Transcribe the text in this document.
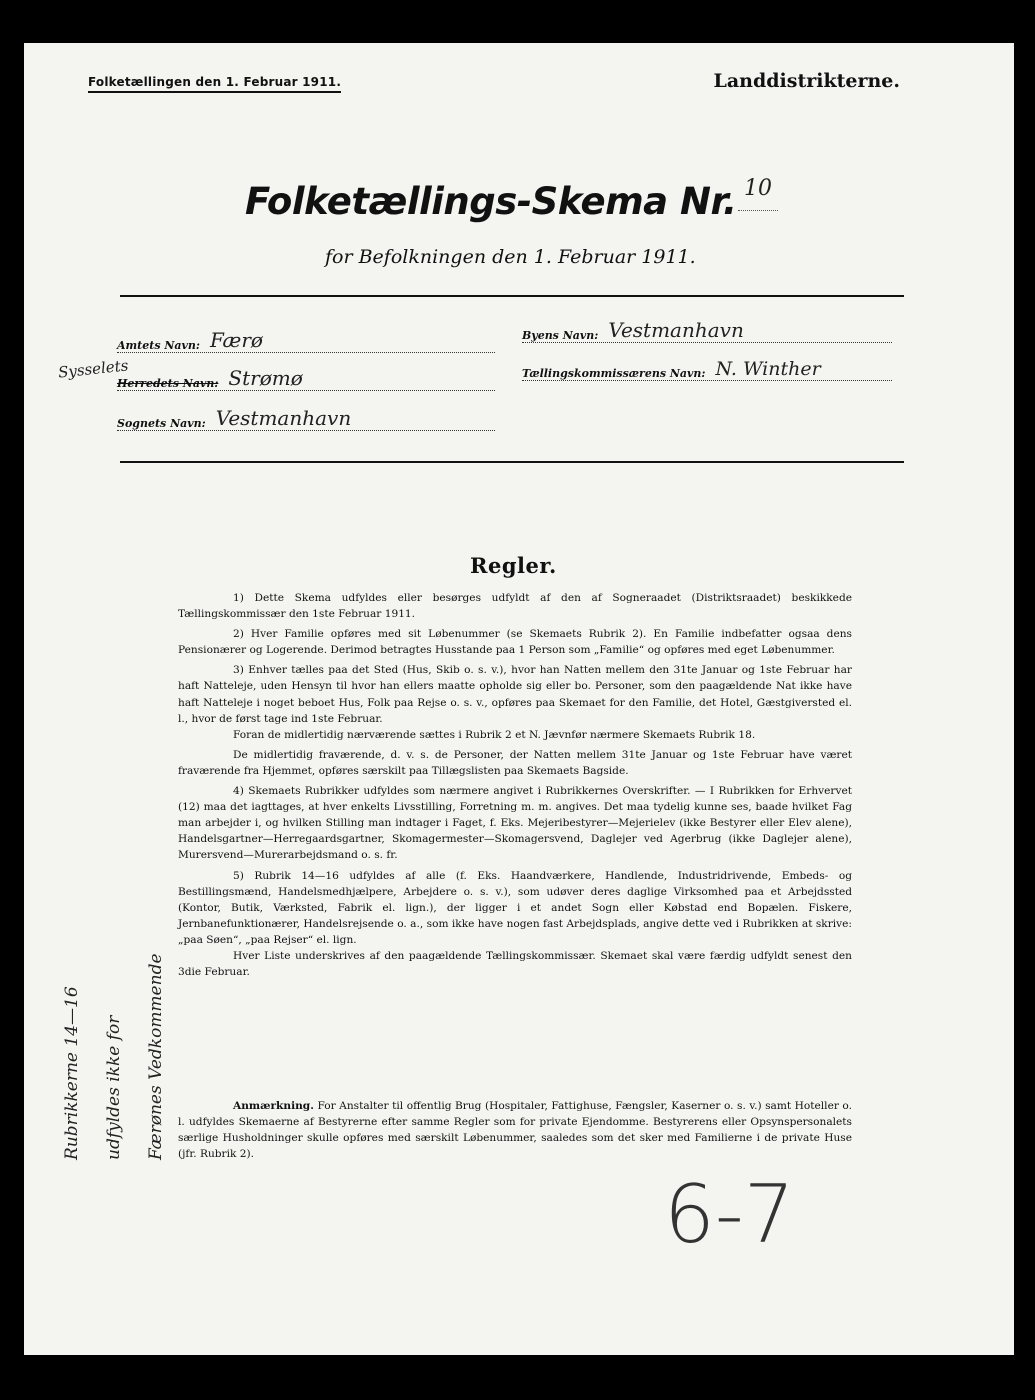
Folketællingen den 1. Februar 1911.	Landdistrikterne.
Folketællings-Skema Nr. 10
for Befolkningen den 1. Februar 1911.
Amtets Navn: Færø
Sysselets
Herredets Navn: Strømø
Sognets Navn: Vestmanhavn
Byens Navn: Vestmanhavn
Tællingskommissærens Navn: N. Winther
Regler.

1) Dette Skema udfyldes eller besørges udfyldt af den af Sogneraadet (Distriktsraadet) beskikkede Tællingskommissær den 1ste Februar 1911.

2) Hver Familie opføres med sit Løbenummer (se Skemaets Rubrik 2). En Familie indbefatter ogsaa dens Pensionærer og Logerende. Derimod betragtes Husstande paa 1 Person som „Familie“ og opføres med eget Løbenummer.

3) Enhver tælles paa det Sted (Hus, Skib o. s. v.), hvor han Natten mellem den 31te Januar og 1ste Februar har haft Natteleje, uden Hensyn til hvor han ellers maatte opholde sig eller bo. Personer, som den paagældende Nat ikke have haft Natteleje i noget beboet Hus, Folk paa Rejse o. s. v., opføres paa Skemaet for den Familie, det Hotel, Gæstgiversted el. l., hvor de først tage ind 1ste Februar.

Foran de midlertidig nærværende sættes i Rubrik 2 et N. Jævnfør nærmere Skemaets Rubrik 18.

De midlertidig fraværende, d. v. s. de Personer, der Natten mellem 31te Januar og 1ste Februar have været fraværende fra Hjemmet, opføres særskilt paa Tillægslisten paa Skemaets Bagside.

4) Skemaets Rubrikker udfyldes som nærmere angivet i Rubrikkernes Overskrifter. — I Rubrikken for Erhvervet (12) maa det iagttages, at hver enkelts Livsstilling, Forretning m. m. angives. Det maa tydelig kunne ses, baade hvilket Fag man arbejder i, og hvilken Stilling man indtager i Faget, f. Eks. Mejeribestyrer—Mejerielev (ikke Bestyrer eller Elev alene), Handelsgartner—Herregaardsgartner, Skomagermester—Skomagersvend, Daglejer ved Agerbrug (ikke Daglejer alene), Murersvend—Murerarbejdsmand o. s. fr.

5) Rubrik 14—16 udfyldes af alle (f. Eks. Haandværkere, Handlende, Industridrivende, Embeds- og Bestillingsmænd, Handelsmedhjælpere, Arbejdere o. s. v.), som udøver deres daglige Virksomhed paa et Arbejdssted (Kontor, Butik, Værksted, Fabrik el. lign.), der ligger i et andet Sogn eller Købstad end Bopælen. Fiskere, Jernbanefunktionærer, Handelsrejsende o. a., som ikke have nogen fast Arbejdsplads, angive dette ved i Rubrikken at skrive: „paa Søen“, „paa Rejser“ el. lign.

Hver Liste underskrives af den paagældende Tællingskommissær. Skemaet skal være færdig udfyldt senest den 3die Februar.

Anmærkning. For Anstalter til offentlig Brug (Hospitaler, Fattighuse, Fængsler, Kaserner o. s. v.) samt Hoteller o. l. udfyldes Skemaerne af Bestyrerne efter samme Regler som for private Ejendomme. Bestyrerens eller Opsynspersonalets særlige Husholdninger skulle opføres med særskilt Løbenummer, saaledes som det sker med Familierne i de private Huse (jfr. Rubrik 2).

Rubrikkerne 14—16 udfyldes ikke for Færønes Vedkommende
6-7
